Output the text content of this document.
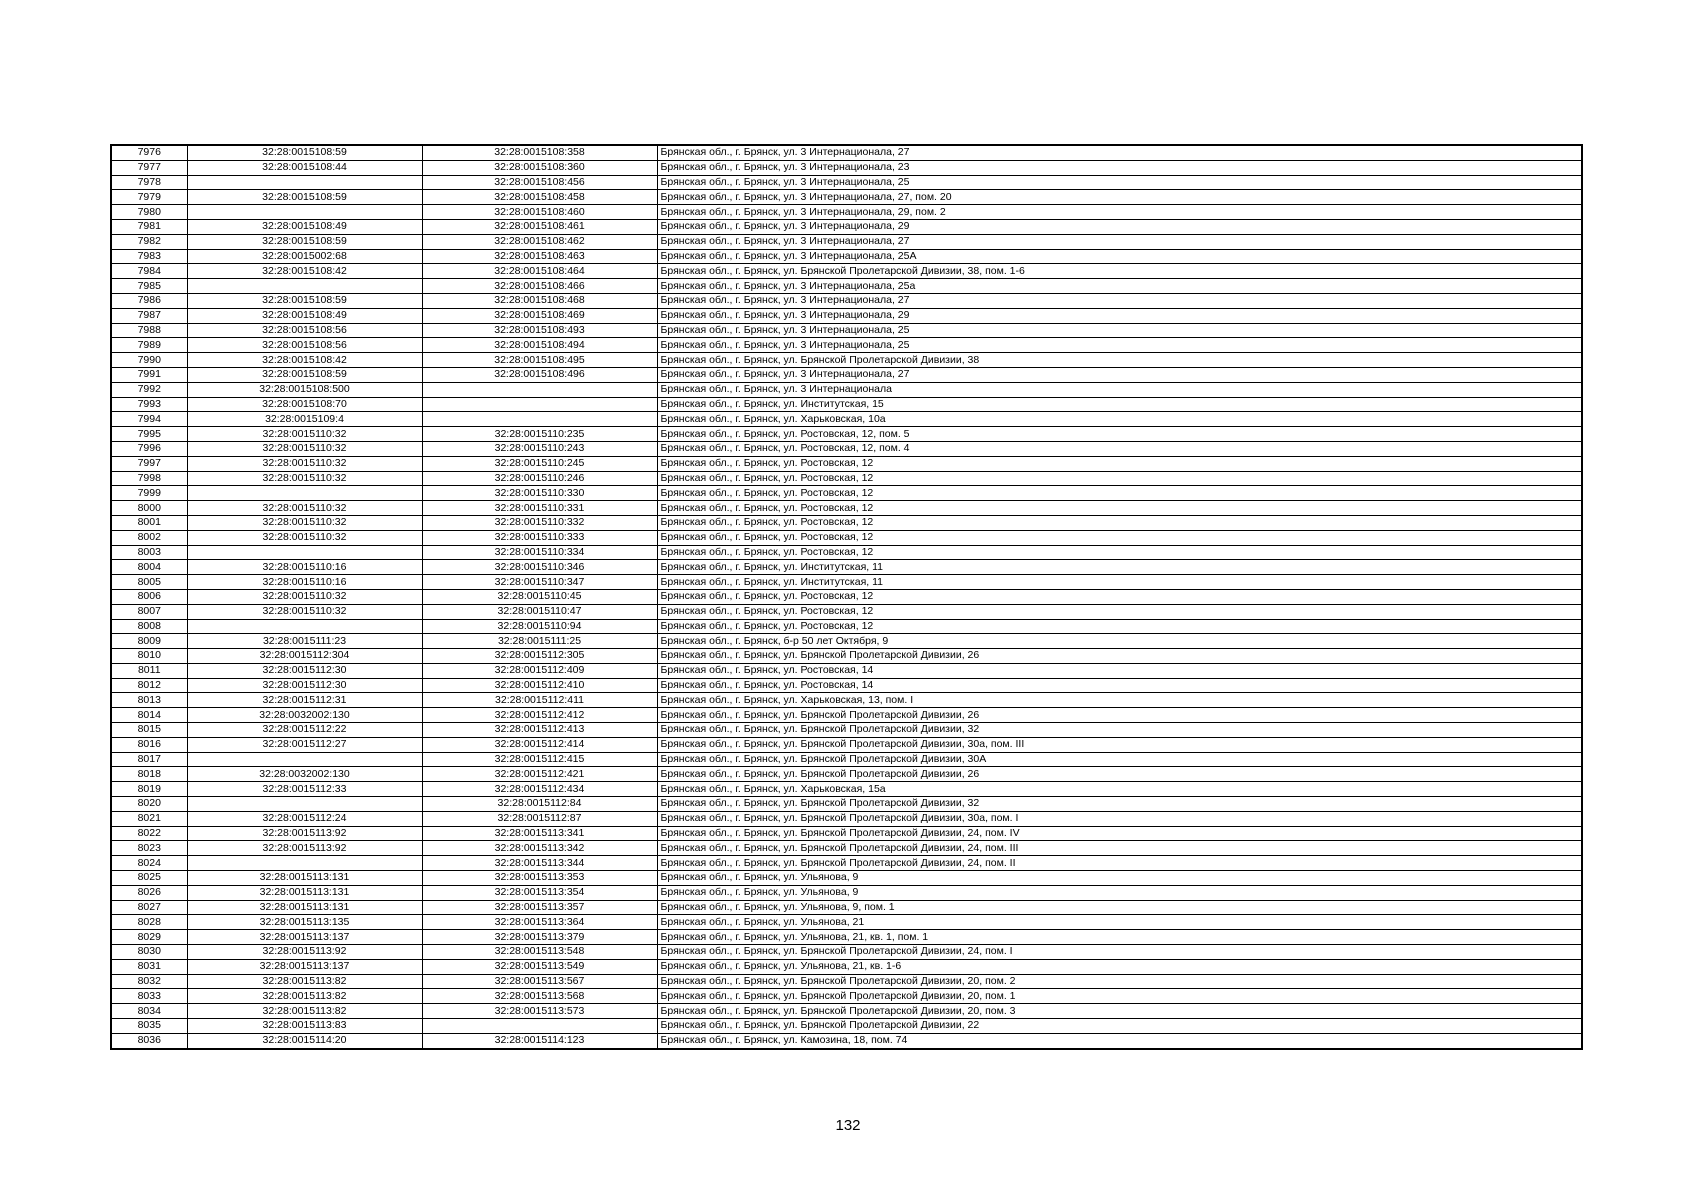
7976	32:28:0015108:59	32:28:0015108:358	Брянская обл., г. Брянск, ул. 3 Интернационала, 27
7977	32:28:0015108:44	32:28:0015108:360	Брянская обл., г. Брянск, ул. 3 Интернационала, 23
7978		32:28:0015108:456	Брянская обл., г. Брянск, ул. 3 Интернационала, 25
7979	32:28:0015108:59	32:28:0015108:458	Брянская обл., г. Брянск, ул. 3 Интернационала, 27, пом. 20
7980		32:28:0015108:460	Брянская обл., г. Брянск, ул. 3 Интернационала, 29, пом. 2
7981	32:28:0015108:49	32:28:0015108:461	Брянская обл., г. Брянск, ул. 3 Интернационала, 29
7982	32:28:0015108:59	32:28:0015108:462	Брянская обл., г. Брянск, ул. 3 Интернационала, 27
7983	32:28:0015002:68	32:28:0015108:463	Брянская обл., г. Брянск, ул. 3 Интернационала, 25А
7984	32:28:0015108:42	32:28:0015108:464	Брянская обл., г. Брянск, ул. Брянской Пролетарской Дивизии, 38, пом. 1-6
7985		32:28:0015108:466	Брянская обл., г. Брянск, ул. 3 Интернационала, 25а
7986	32:28:0015108:59	32:28:0015108:468	Брянская обл., г. Брянск, ул. 3 Интернационала, 27
7987	32:28:0015108:49	32:28:0015108:469	Брянская обл., г. Брянск, ул. 3 Интернационала, 29
7988	32:28:0015108:56	32:28:0015108:493	Брянская обл., г. Брянск, ул. 3 Интернационала, 25
7989	32:28:0015108:56	32:28:0015108:494	Брянская обл., г. Брянск, ул. 3 Интернационала, 25
7990	32:28:0015108:42	32:28:0015108:495	Брянская обл., г. Брянск, ул. Брянской Пролетарской Дивизии, 38
7991	32:28:0015108:59	32:28:0015108:496	Брянская обл., г. Брянск, ул. 3 Интернационала, 27
7992	32:28:0015108:500		Брянская обл., г. Брянск, ул. 3 Интернационала
7993	32:28:0015108:70		Брянская обл., г. Брянск, ул. Институтская, 15
7994	32:28:0015109:4		Брянская обл., г. Брянск, ул. Харьковская, 10а
7995	32:28:0015110:32	32:28:0015110:235	Брянская обл., г. Брянск, ул. Ростовская, 12, пом. 5
7996	32:28:0015110:32	32:28:0015110:243	Брянская обл., г. Брянск, ул. Ростовская, 12, пом. 4
7997	32:28:0015110:32	32:28:0015110:245	Брянская обл., г. Брянск, ул. Ростовская, 12
7998	32:28:0015110:32	32:28:0015110:246	Брянская обл., г. Брянск, ул. Ростовская, 12
7999		32:28:0015110:330	Брянская обл., г. Брянск, ул. Ростовская, 12
8000	32:28:0015110:32	32:28:0015110:331	Брянская обл., г. Брянск, ул. Ростовская, 12
8001	32:28:0015110:32	32:28:0015110:332	Брянская обл., г. Брянск, ул. Ростовская, 12
8002	32:28:0015110:32	32:28:0015110:333	Брянская обл., г. Брянск, ул. Ростовская, 12
8003		32:28:0015110:334	Брянская обл., г. Брянск, ул. Ростовская, 12
8004	32:28:0015110:16	32:28:0015110:346	Брянская обл., г. Брянск, ул. Институтская, 11
8005	32:28:0015110:16	32:28:0015110:347	Брянская обл., г. Брянск, ул. Институтская, 11
8006	32:28:0015110:32	32:28:0015110:45	Брянская обл., г. Брянск, ул. Ростовская, 12
8007	32:28:0015110:32	32:28:0015110:47	Брянская обл., г. Брянск, ул. Ростовская, 12
8008		32:28:0015110:94	Брянская обл., г. Брянск, ул. Ростовская, 12
8009	32:28:0015111:23	32:28:0015111:25	Брянская обл., г. Брянск, б-р 50 лет Октября, 9
8010	32:28:0015112:304	32:28:0015112:305	Брянская обл., г. Брянск, ул. Брянской Пролетарской Дивизии, 26
8011	32:28:0015112:30	32:28:0015112:409	Брянская обл., г. Брянск, ул. Ростовская, 14
8012	32:28:0015112:30	32:28:0015112:410	Брянская обл., г. Брянск, ул. Ростовская, 14
8013	32:28:0015112:31	32:28:0015112:411	Брянская обл., г. Брянск, ул. Харьковская, 13, пом. I
8014	32:28:0032002:130	32:28:0015112:412	Брянская обл., г. Брянск, ул. Брянской Пролетарской Дивизии, 26
8015	32:28:0015112:22	32:28:0015112:413	Брянская обл., г. Брянск, ул. Брянской Пролетарской Дивизии, 32
8016	32:28:0015112:27	32:28:0015112:414	Брянская обл., г. Брянск, ул. Брянской Пролетарской Дивизии, 30а, пом. III
8017		32:28:0015112:415	Брянская обл., г. Брянск, ул. Брянской Пролетарской Дивизии, 30А
8018	32:28:0032002:130	32:28:0015112:421	Брянская обл., г. Брянск, ул. Брянской Пролетарской Дивизии, 26
8019	32:28:0015112:33	32:28:0015112:434	Брянская обл., г. Брянск, ул. Харьковская, 15а
8020		32:28:0015112:84	Брянская обл., г. Брянск, ул. Брянской Пролетарской Дивизии, 32
8021	32:28:0015112:24	32:28:0015112:87	Брянская обл., г. Брянск, ул. Брянской Пролетарской Дивизии, 30а, пом. I
8022	32:28:0015113:92	32:28:0015113:341	Брянская обл., г. Брянск, ул. Брянской Пролетарской Дивизии, 24, пом. IV
8023	32:28:0015113:92	32:28:0015113:342	Брянская обл., г. Брянск, ул. Брянской Пролетарской Дивизии, 24, пом. III
8024		32:28:0015113:344	Брянская обл., г. Брянск, ул. Брянской Пролетарской Дивизии, 24, пом. II
8025	32:28:0015113:131	32:28:0015113:353	Брянская обл., г. Брянск, ул. Ульянова, 9
8026	32:28:0015113:131	32:28:0015113:354	Брянская обл., г. Брянск, ул. Ульянова, 9
8027	32:28:0015113:131	32:28:0015113:357	Брянская обл., г. Брянск, ул. Ульянова, 9, пом. 1
8028	32:28:0015113:135	32:28:0015113:364	Брянская обл., г. Брянск, ул. Ульянова, 21
8029	32:28:0015113:137	32:28:0015113:379	Брянская обл., г. Брянск, ул. Ульянова, 21, кв. 1, пом. 1
8030	32:28:0015113:92	32:28:0015113:548	Брянская обл., г. Брянск, ул. Брянской Пролетарской Дивизии, 24, пом. I
8031	32:28:0015113:137	32:28:0015113:549	Брянская обл., г. Брянск, ул. Ульянова, 21, кв. 1-6
8032	32:28:0015113:82	32:28:0015113:567	Брянская обл., г. Брянск, ул. Брянской Пролетарской Дивизии, 20, пом. 2
8033	32:28:0015113:82	32:28:0015113:568	Брянская обл., г. Брянск, ул. Брянской Пролетарской Дивизии, 20, пом. 1
8034	32:28:0015113:82	32:28:0015113:573	Брянская обл., г. Брянск, ул. Брянской Пролетарской Дивизии, 20, пом. 3
8035	32:28:0015113:83		Брянская обл., г. Брянск, ул. Брянской Пролетарской Дивизии, 22
8036	32:28:0015114:20	32:28:0015114:123	Брянская обл., г. Брянск, ул. Камозина, 18, пом. 74
132
